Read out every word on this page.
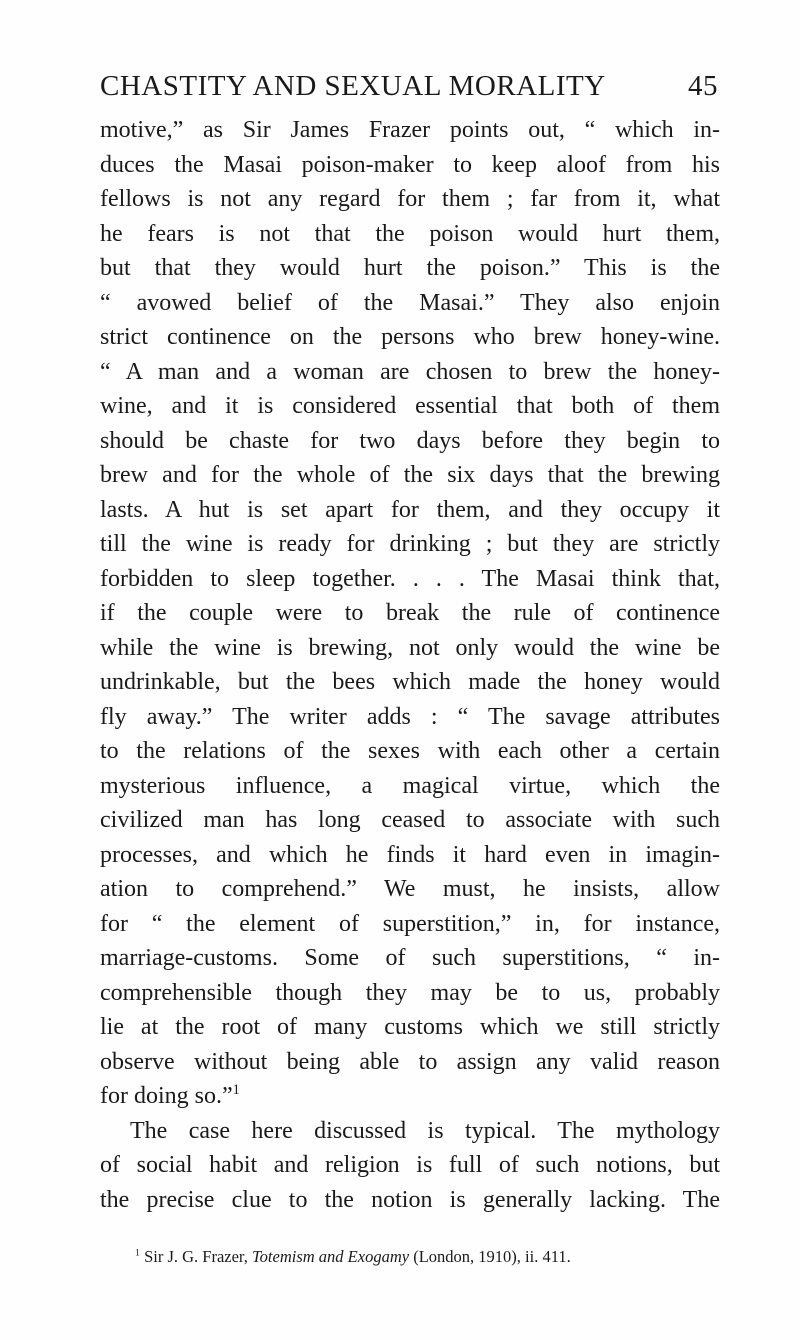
CHASTITY AND SEXUAL MORALITY	45
motive,” as Sir James Frazer points out, “ which in-
duces the Masai poison-maker to keep aloof from his
fellows is not any regard for them ; far from it, what
he fears is not that the poison would hurt them,
but that they would hurt the poison.” This is the
“ avowed belief of the Masai.” They also enjoin
strict continence on the persons who brew honey-wine.
“ A man and a woman are chosen to brew the honey-
wine, and it is considered essential that both of them
should be chaste for two days before they begin to
brew and for the whole of the six days that the brewing
lasts. A hut is set apart for them, and they occupy it
till the wine is ready for drinking ; but they are strictly
forbidden to sleep together. . . . The Masai think that,
if the couple were to break the rule of continence
while the wine is brewing, not only would the wine be
undrinkable, but the bees which made the honey would
fly away.” The writer adds : “ The savage attributes
to the relations of the sexes with each other a certain
mysterious influence, a magical virtue, which the
civilized man has long ceased to associate with such
processes, and which he finds it hard even in imagin-
ation to comprehend.” We must, he insists, allow
for “ the element of superstition,” in, for instance,
marriage-customs. Some of such superstitions, “ in-
comprehensible though they may be to us, probably
lie at the root of many customs which we still strictly
observe without being able to assign any valid reason
for doing so.”$^1$
The case here discussed is typical. The mythology
of social habit and religion is full of such notions, but
the precise clue to the notion is generally lacking. The
$^1$ Sir J. G. Frazer, Totemism and Exogamy (London, 1910), ii. 411.
